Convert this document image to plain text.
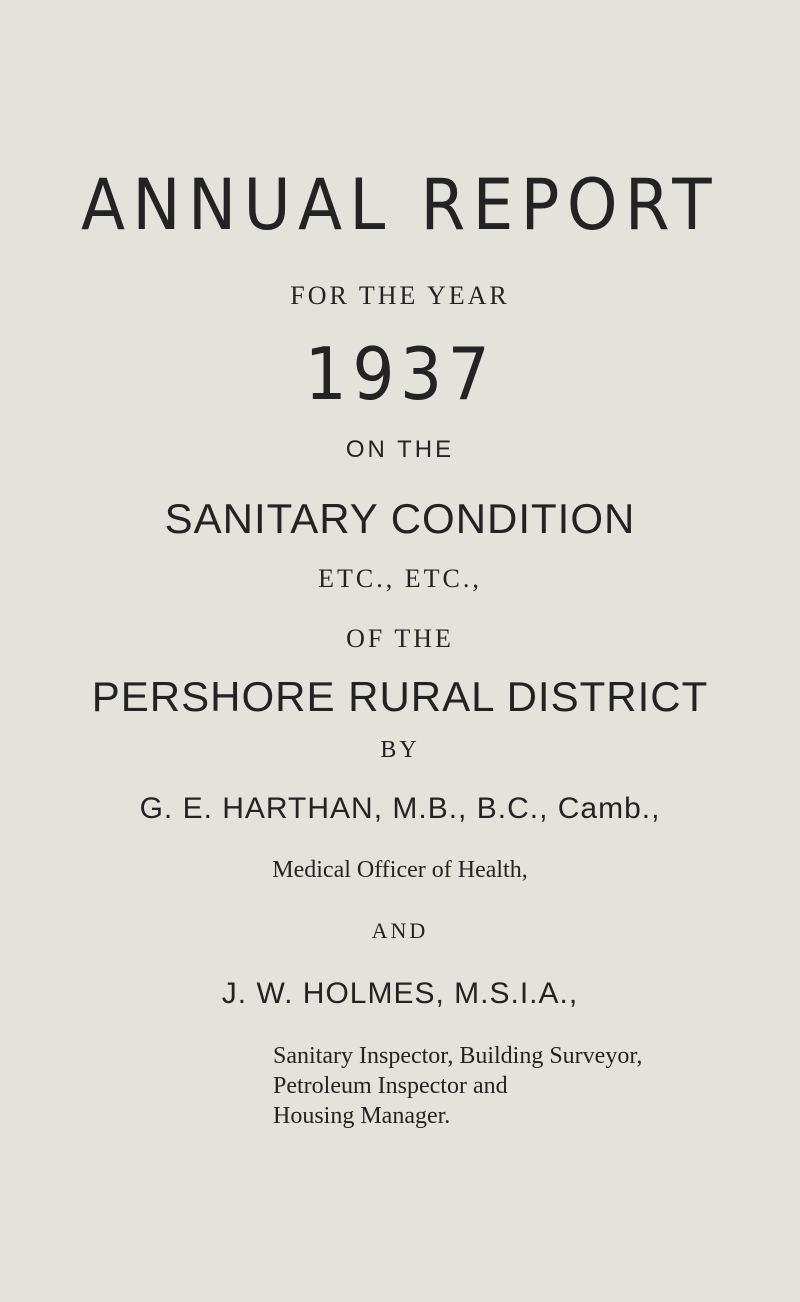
ANNUAL REPORT
FOR THE YEAR
1937
ON THE
SANITARY CONDITION
ETC., ETC.,
OF THE
PERSHORE RURAL DISTRICT
BY
G. E. HARTHAN, M.B., B.C., Camb.,
Medical Officer of Health,
AND
J. W. HOLMES, M.S.I.A.,
Sanitary Inspector, Building Surveyor,
Petroleum Inspector and
Housing Manager.
